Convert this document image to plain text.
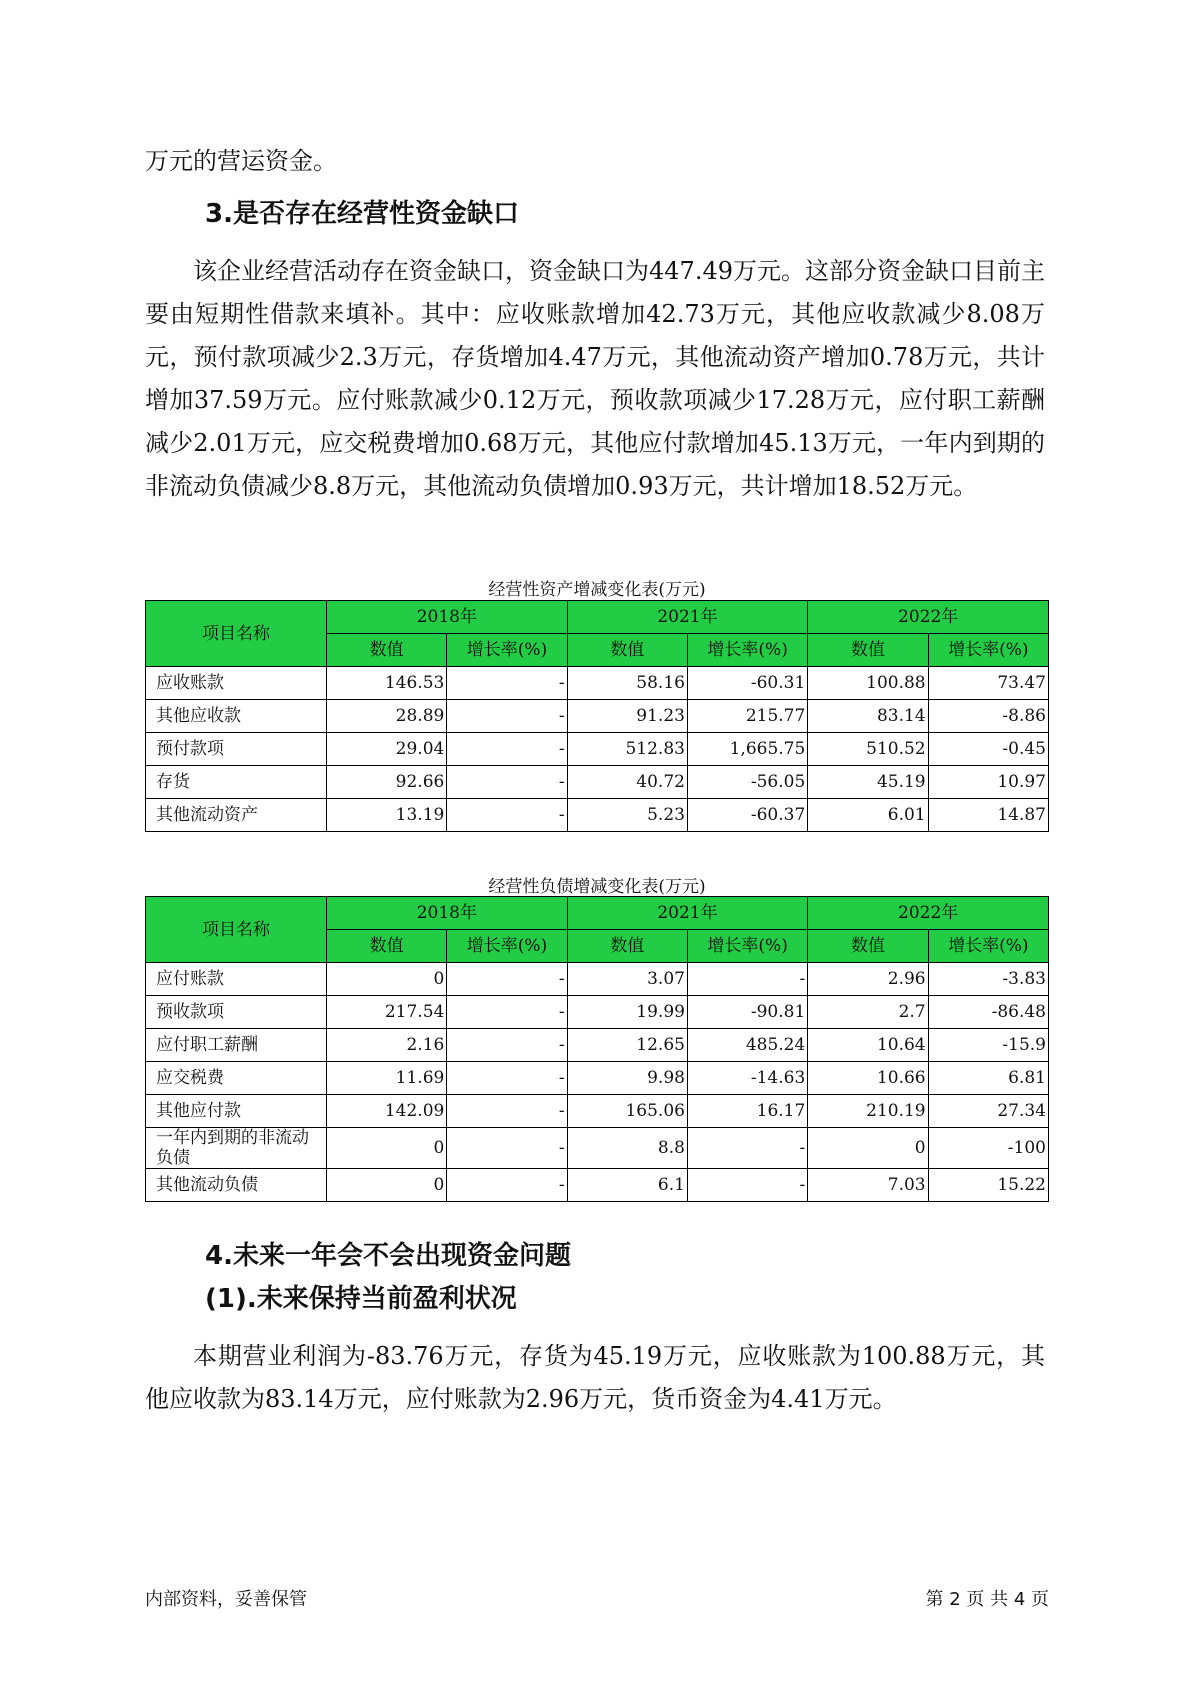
万元的营运资金。

3.是否存在经营性资金缺口

该企业经营活动存在资金缺口，资金缺口为447.49万元。这部分资金缺口目前主要由短期性借款来填补。其中：应收账款增加42.73万元，其他应收款减少8.08万元，预付款项减少2.3万元，存货增加4.47万元，其他流动资产增加0.78万元，共计增加37.59万元。应付账款减少0.12万元，预收款项减少17.28万元，应付职工薪酬减少2.01万元，应交税费增加0.68万元，其他应付款增加45.13万元，一年内到期的非流动负债减少8.8万元，其他流动负债增加0.93万元，共计增加18.52万元。

经营性资产增减变化表(万元)
项目名称	2018年		2021年		2022年	
	数值	增长率(%)	数值	增长率(%)	数值	增长率(%)
应收账款	146.53	-	58.16	-60.31	100.88	73.47
其他应收款	28.89	-	91.23	215.77	83.14	-8.86
预付款项	29.04	-	512.83	1,665.75	510.52	-0.45
存货	92.66	-	40.72	-56.05	45.19	10.97
其他流动资产	13.19	-	5.23	-60.37	6.01	14.87
经营性负债增减变化表(万元)
项目名称	2018年		2021年		2022年	
	数值	增长率(%)	数值	增长率(%)	数值	增长率(%)
应付账款	0	-	3.07	-	2.96	-3.83
预收款项	217.54	-	19.99	-90.81	2.7	-86.48
应付职工薪酬	2.16	-	12.65	485.24	10.64	-15.9
应交税费	11.69	-	9.98	-14.63	10.66	6.81
其他应付款	142.09	-	165.06	16.17	210.19	27.34
一年内到期的非流动负债	0	-	8.8	-	0	-100
其他流动负债	0	-	6.1	-	7.03	15.22
4.未来一年会不会出现资金问题
(1).未来保持当前盈利状况

本期营业利润为-83.76万元，存货为45.19万元，应收账款为100.88万元，其他应收款为83.14万元，应付账款为2.96万元，货币资金为4.41万元。

内部资料，妥善保管	第 2 页 共 4 页
